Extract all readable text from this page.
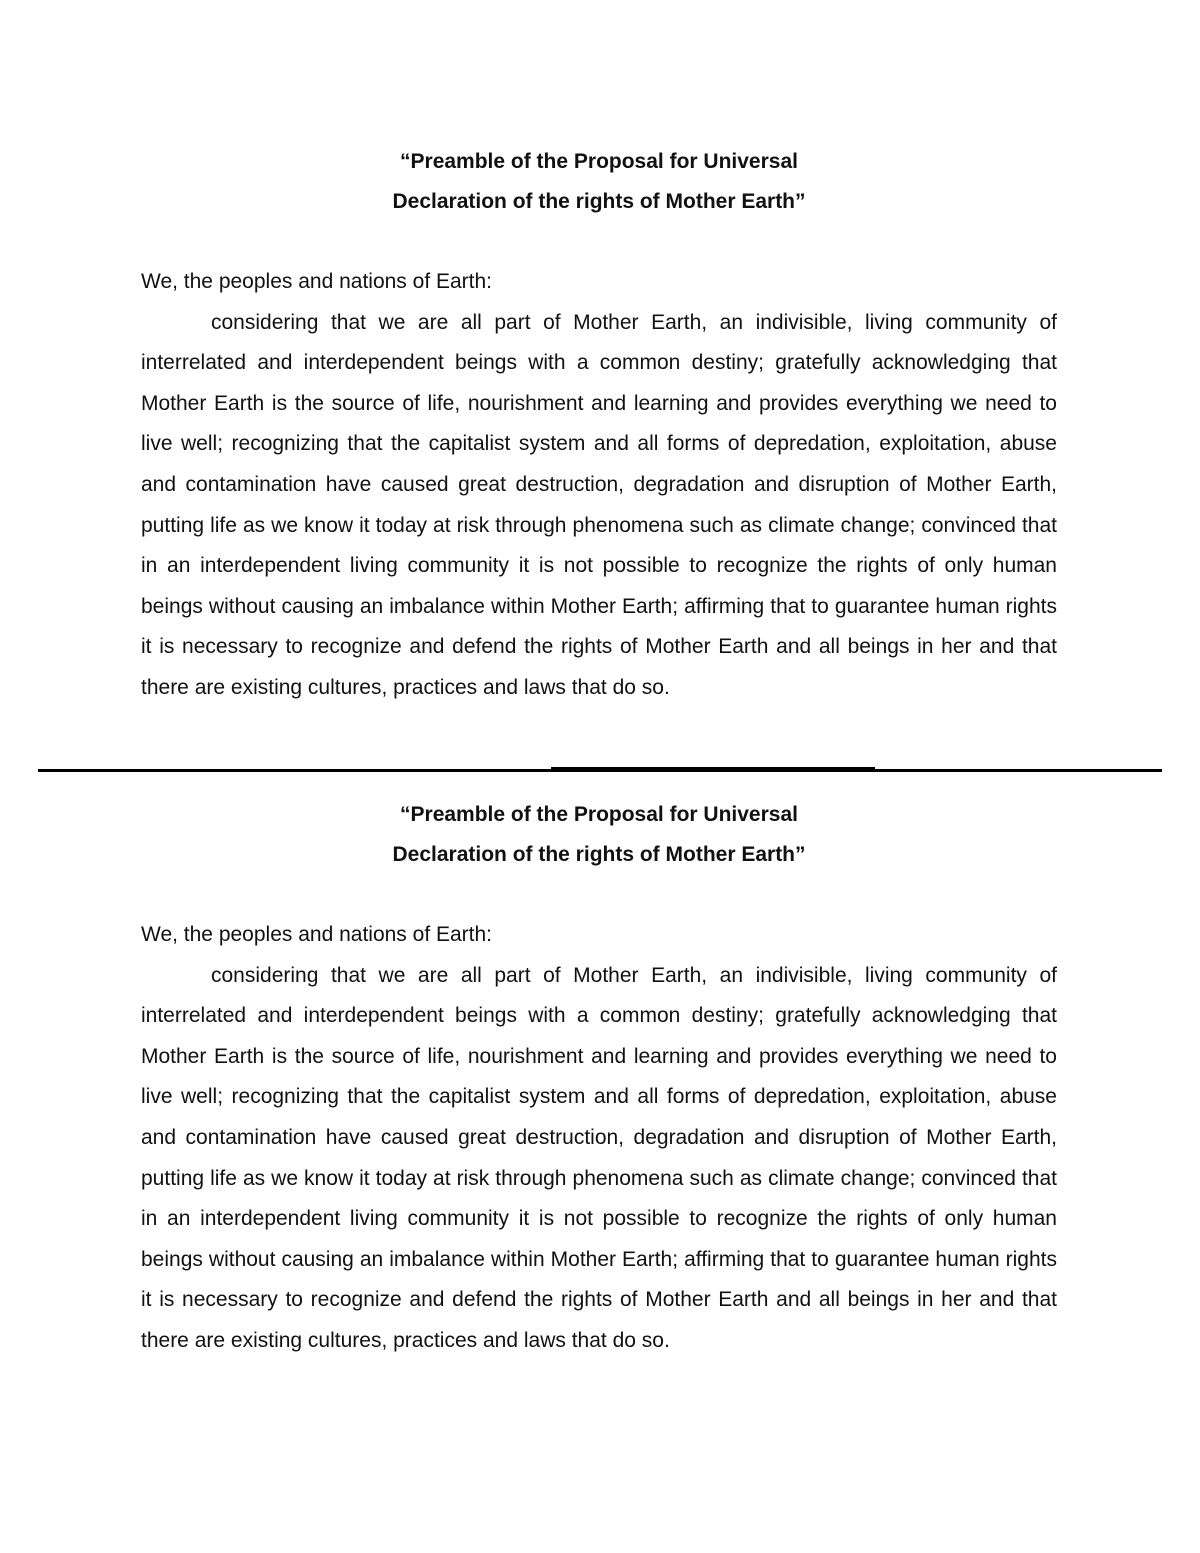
“Preamble of the Proposal for Universal

Declaration of the rights of Mother Earth”

We, the peoples and nations of Earth:

considering that we are all part of Mother Earth, an indivisible, living community of interrelated and interdependent beings with a common destiny; gratefully acknowledging that Mother Earth is the source of life, nourishment and learning and provides everything we need to live well; recognizing that the capitalist system and all forms of depredation, exploitation, abuse and contamination have caused great destruction, degradation and disruption of Mother Earth, putting life as we know it today at risk through phenomena such as climate change; convinced that in an interdependent living community it is not possible to recognize the rights of only human beings without causing an imbalance within Mother Earth; affirming that to guarantee human rights it is necessary to recognize and defend the rights of Mother Earth and all beings in her and that there are existing cultures, practices and laws that do so.

“Preamble of the Proposal for Universal

Declaration of the rights of Mother Earth”

We, the peoples and nations of Earth:

considering that we are all part of Mother Earth, an indivisible, living community of interrelated and interdependent beings with a common destiny; gratefully acknowledging that Mother Earth is the source of life, nourishment and learning and provides everything we need to live well; recognizing that the capitalist system and all forms of depredation, exploitation, abuse and contamination have caused great destruction, degradation and disruption of Mother Earth, putting life as we know it today at risk through phenomena such as climate change; convinced that in an interdependent living community it is not possible to recognize the rights of only human beings without causing an imbalance within Mother Earth; affirming that to guarantee human rights it is necessary to recognize and defend the rights of Mother Earth and all beings in her and that there are existing cultures, practices and laws that do so.
